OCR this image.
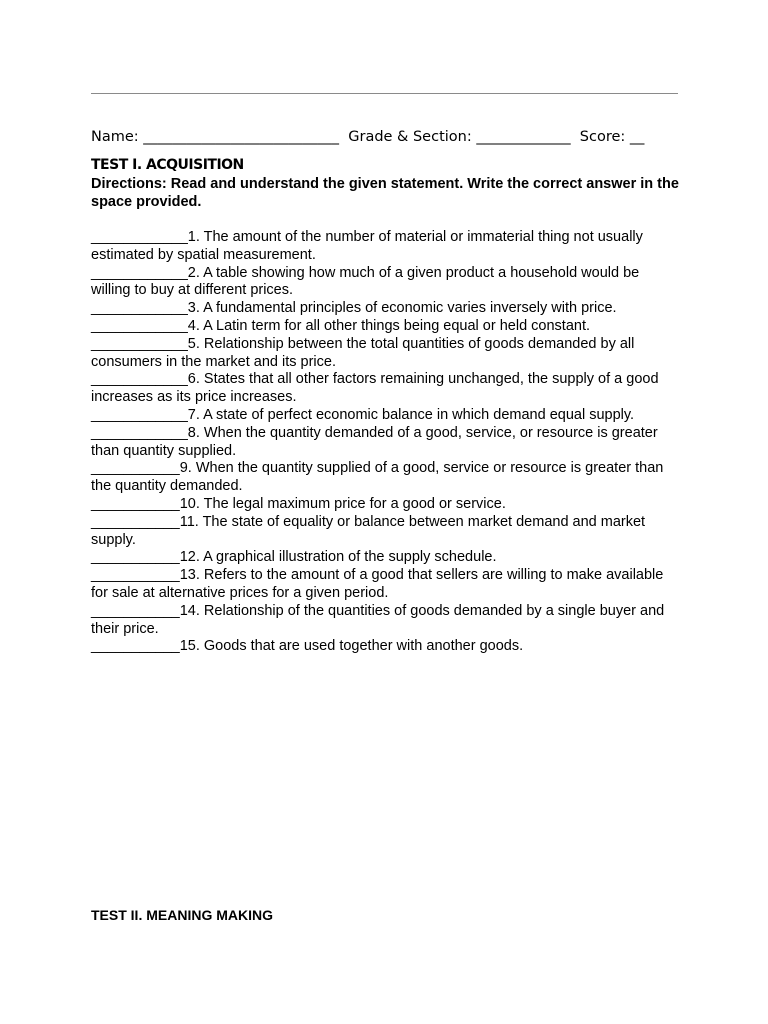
Name: ___________________________  Grade & Section: _____________  Score: __
TEST I. ACQUISITION
Directions: Read and understand the given statement. Write the correct answer in the space provided.

____________1. The amount of the number of material or immaterial thing not usually estimated by spatial measurement.

____________2. A table showing how much of a given product a household would be willing to buy at different prices.

____________3. A fundamental principles of economic varies inversely with price.

____________4. A Latin term for all other things being equal or held constant.

____________5. Relationship between the total quantities of goods demanded by all consumers in the market and its price.

____________6. States that all other factors remaining unchanged, the supply of a good increases as its price increases.

____________7. A state of perfect economic balance in which demand equal supply.

____________8. When the quantity demanded of a good, service, or resource is greater than quantity supplied.

___________9. When the quantity supplied of a good, service or resource is greater than the quantity demanded.

___________10. The legal maximum price for a good or service.

___________11. The state of equality or balance between market demand and market supply.

___________12. A graphical illustration of the supply schedule.

___________13. Refers to the amount of a good that sellers are willing to make available for sale at alternative prices for a given period.

___________14. Relationship of the quantities of goods demanded by a single buyer and their price.

___________15. Goods that are used together with another goods.

TEST II. MEANING MAKING
